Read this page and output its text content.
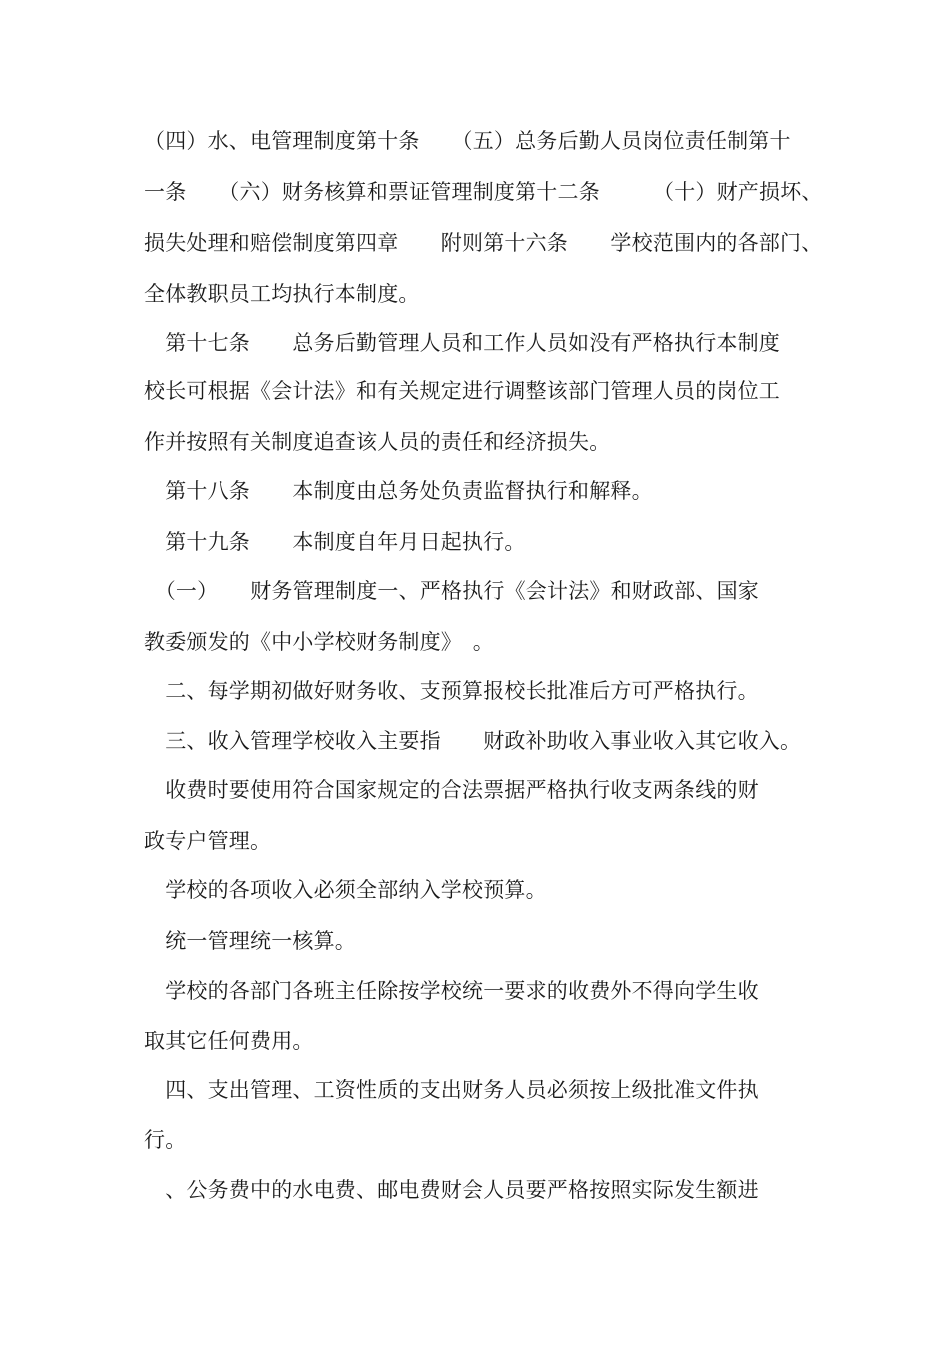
（四）水、电管理制度第十条　　（五）总务后勤人员岗位责任制第十
一条　　（六）财务核算和票证管理制度第十二条　　　（十）财产损坏、
损失处理和赔偿制度第四章　　附则第十六条　　学校范围内的各部门、
全体教职员工均执行本制度。
　第十七条　　总务后勤管理人员和工作人员如没有严格执行本制度
校长可根据《会计法》和有关规定进行调整该部门管理人员的岗位工
作并按照有关制度追查该人员的责任和经济损失。
　第十八条　　本制度由总务处负责监督执行和解释。
　第十九条　　本制度自年月日起执行。
　（一）　　财务管理制度一、严格执行《会计法》和财政部、国家
教委颁发的《中小学校财务制度》　。
　二、每学期初做好财务收、支预算报校长批准后方可严格执行。
　三、收入管理学校收入主要指　　财政补助收入事业收入其它收入。
　收费时要使用符合国家规定的合法票据严格执行收支两条线的财
政专户管理。
　学校的各项收入必须全部纳入学校预算。
　统一管理统一核算。
　学校的各部门各班主任除按学校统一要求的收费外不得向学生收
取其它任何费用。
　四、支出管理、工资性质的支出财务人员必须按上级批准文件执
行。
　、公务费中的水电费、邮电费财会人员要严格按照实际发生额进
